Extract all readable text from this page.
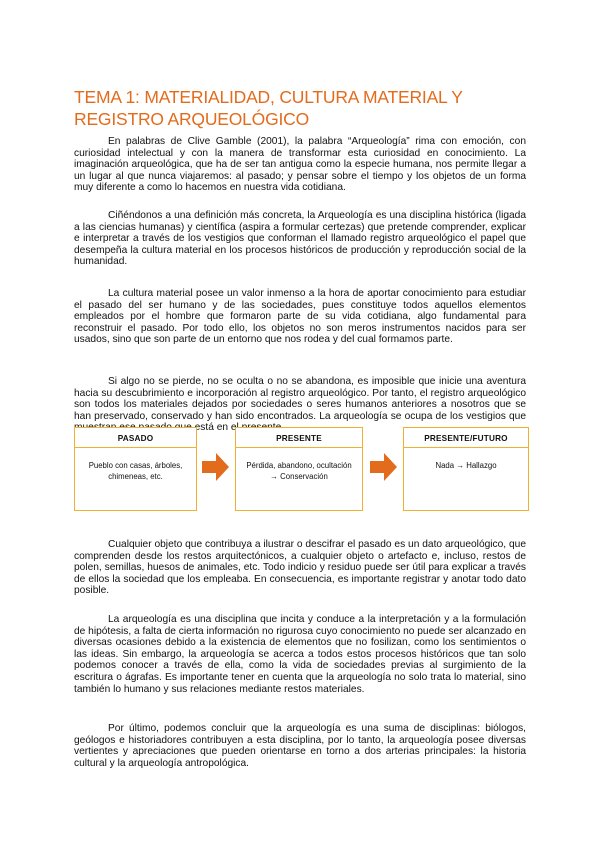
TEMA 1: MATERIALIDAD, CULTURA MATERIAL Y REGISTRO ARQUEOLÓGICO

En palabras de Clive Gamble (2001), la palabra “Arqueología” rima con emoción, con curiosidad intelectual y con la manera de transformar esta curiosidad en conocimiento. La imaginación arqueológica, que ha de ser tan antigua como la especie humana, nos permite llegar a un lugar al que nunca viajaremos: al pasado; y pensar sobre el tiempo y los objetos de un forma muy diferente a como lo hacemos en nuestra vida cotidiana.

Ciñéndonos a una definición más concreta, la Arqueología es una disciplina histórica (ligada a las ciencias humanas) y científica (aspira a formular certezas) que pretende comprender, explicar e interpretar a través de los vestigios que conforman el llamado registro arqueológico el papel que desempeña la cultura material en los procesos históricos de producción y reproducción social de la humanidad.

La cultura material posee un valor inmenso a la hora de aportar conocimiento para estudiar el pasado del ser humano y de las sociedades, pues constituye todos aquellos elementos empleados por el hombre que formaron parte de su vida cotidiana, algo fundamental para reconstruir el pasado. Por todo ello, los objetos no son meros instrumentos nacidos para ser usados, sino que son parte de un entorno que nos rodea y del cual formamos parte.

Si algo no se pierde, no se oculta o no se abandona, es imposible que inicie una aventura hacia su descubrimiento e incorporación al registro arqueológico. Por tanto, el registro arqueológico son todos los materiales dejados por sociedades o seres humanos anteriores a nosotros que se han preservado, conservado y han sido encontrados. La arqueología se ocupa de los vestigios que está en

PASADO
Pueblo con casas, árboles, chimeneas, etc.
PRESENTE
Pérdida, abandono, ocultación → Conservación
PRESENTE/FUTURO
Nada → Hallazgo

Cualquier objeto que contribuya a ilustrar o descifrar el pasado es un dato arqueológico, que comprenden desde los restos arquitectónicos, a cualquier objeto o artefacto e, incluso, restos de polen, semillas, huesos de animales, etc. Todo indicio y residuo puede ser útil para explicar a través de ellos la sociedad que los empleaba. En consecuencia, es importante registrar y anotar todo dato posible.

La arqueología es una disciplina que incita y conduce a la interpretación y a la formulación de hipótesis, a falta de cierta información no rigurosa cuyo conocimiento no puede ser alcanzado en diversas ocasiones debido a la existencia de elementos que no fosilizan, como los sentimientos o las ideas. Sin embargo, la arqueología se acerca a todos estos procesos históricos que tan solo podemos conocer a través de ella, como la vida de sociedades previas al surgimiento de la escritura o ágrafas. Es importante tener en cuenta que la arqueología no solo trata lo material, sino también lo humano y sus relaciones mediante restos materiales.

Por último, podemos concluir que la arqueología es una suma de disciplinas: biólogos, geólogos e historiadores contribuyen a esta disciplina, por lo tanto, la arqueología posee diversas vertientes y apreciaciones que pueden orientarse en torno a dos arterias principales: la historia cultural y la arqueología antropológica.
